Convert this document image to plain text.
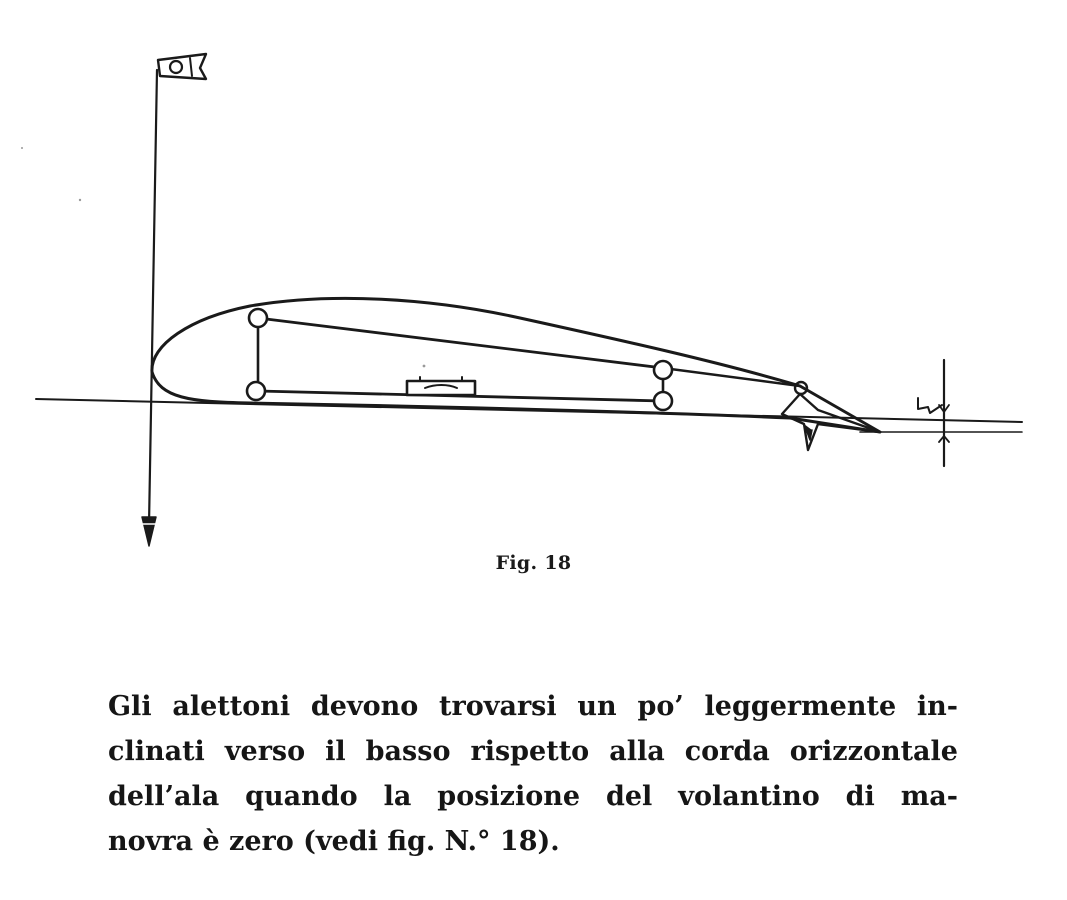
Fig. 18
Gli alettoni devono trovarsi un po’ leggermente in-
clinati verso il basso rispetto alla corda orizzontale
dell’ala quando la posizione del volantino di ma-
novra è zero (vedi fig. N.° 18).
